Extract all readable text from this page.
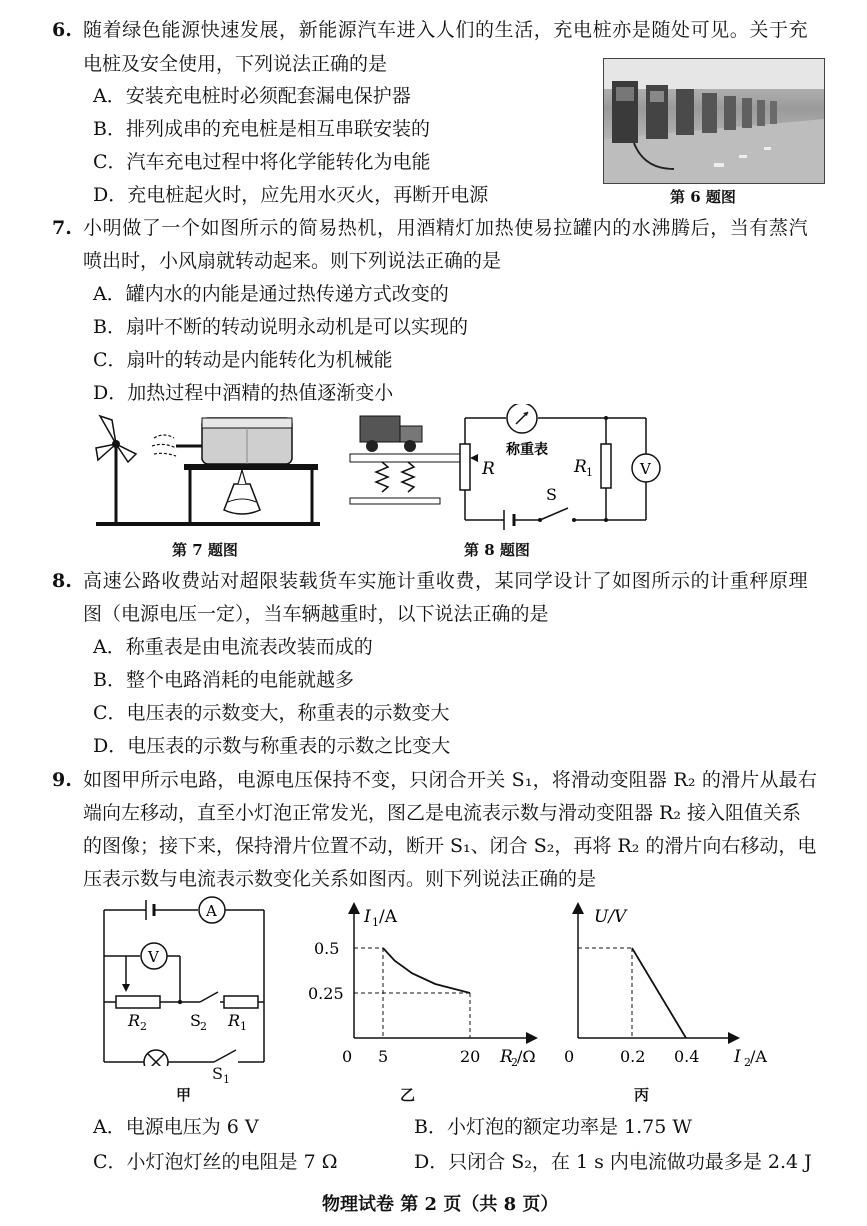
6. 随着绿色能源快速发展，新能源汽车进入人们的生活，充电桩亦是随处可见。关于充
电桩及安全使用，下列说法正确的是
A．安装充电桩时必须配套漏电保护器
B．排列成串的充电桩是相互串联安装的
C．汽车充电过程中将化学能转化为电能
D．充电桩起火时，应先用水灭火，再断开电源	第 6 题图
7. 小明做了一个如图所示的简易热机，用酒精灯加热使易拉罐内的水沸腾后，当有蒸汽
喷出时，小风扇就转动起来。则下列说法正确的是
A．罐内水的内能是通过热传递方式改变的
B．扇叶不断的转动说明永动机是可以实现的
C．扇叶的转动是内能转化为机械能
D．加热过程中酒精的热值逐渐变小
第 7 题图
称重表
R	R 1
S
V
第 8 题图
8. 高速公路收费站对超限装载货车实施计重收费，某同学设计了如图所示的计重秤原理
图（电源电压一定），当车辆越重时，以下说法正确的是
A．称重表是由电流表改装而成的
B．整个电路消耗的电能就越多
C．电压表的示数变大，称重表的示数变大
D．电压表的示数与称重表的示数之比变大
9. 如图甲所示电路，电源电压保持不变，只闭合开关 S₁，将滑动变阻器 R₂ 的滑片从最右
端向左移动，直至小灯泡正常发光，图乙是电流表示数与滑动变阻器 R₂ 接入阻值关系
的图像；接下来，保持滑片位置不动，断开 S₁、闭合 S₂，再将 R₂ 的滑片向右移动，电
压表示数与电流表示数变化关系如图丙。则下列说法正确的是
A
V
R 2	R 1
S 2
$S_1$
甲
0.5
0.25
0 5	20
I 1 /A
R
2 /Ω
乙
0	0.2 0.4
U/V
I 2 /A
丙
A．电源电压为 6 V	B．小灯泡的额定功率是 1.75 W
C．小灯泡灯丝的电阻是 7 Ω	D．只闭合 S₂，在 1 s 内电流做功最多是 2.4 J
物理试卷 第 2 页（共 8 页）
